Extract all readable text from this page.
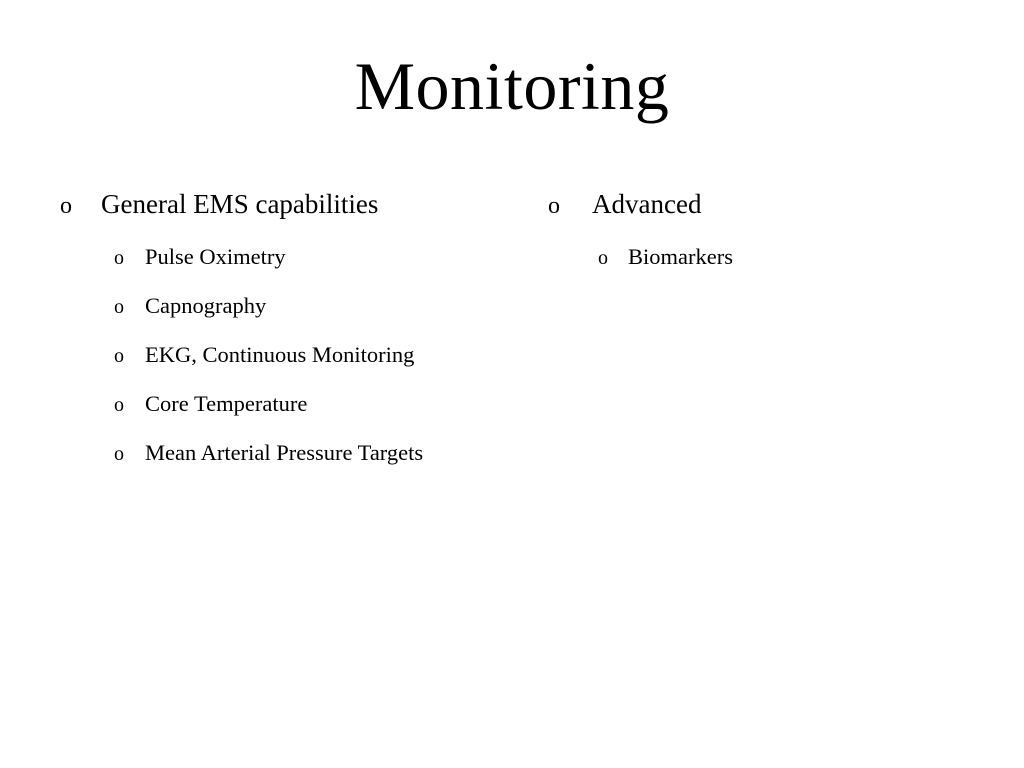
Monitoring
o	General EMS capabilities
o Pulse Oximetry
o Capnography
o EKG, Continuous Monitoring
o Core Temperature
o Mean Arterial Pressure Targets
o	Advanced
o Biomarkers
